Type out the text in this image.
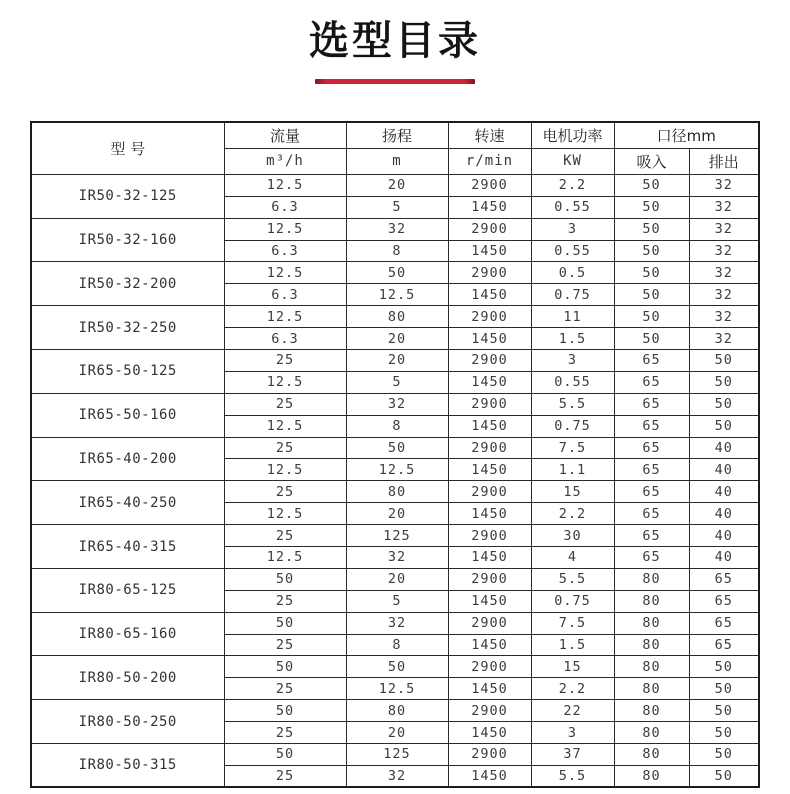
选型目录
型 号	流量	扬程	转速	电机功率	口径mm	
	m³/h	m	r/min	KW	吸入	排出
IR50-32-125	12.5	20	2900	2.2	50	32
	6.3	5	1450	0.55	50	32
IR50-32-160	12.5	32	2900	3	50	32
	6.3	8	1450	0.55	50	32
IR50-32-200	12.5	50	2900	0.5	50	32
	6.3	12.5	1450	0.75	50	32
IR50-32-250	12.5	80	2900	11	50	32
	6.3	20	1450	1.5	50	32
IR65-50-125	25	20	2900	3	65	50
	12.5	5	1450	0.55	65	50
IR65-50-160	25	32	2900	5.5	65	50
	12.5	8	1450	0.75	65	50
IR65-40-200	25	50	2900	7.5	65	40
	12.5	12.5	1450	1.1	65	40
IR65-40-250	25	80	2900	15	65	40
	12.5	20	1450	2.2	65	40
IR65-40-315	25	125	2900	30	65	40
	12.5	32	1450	4	65	40
IR80-65-125	50	20	2900	5.5	80	65
	25	5	1450	0.75	80	65
IR80-65-160	50	32	2900	7.5	80	65
	25	8	1450	1.5	80	65
IR80-50-200	50	50	2900	15	80	50
	25	12.5	1450	2.2	80	50
IR80-50-250	50	80	2900	22	80	50
	25	20	1450	3	80	50
IR80-50-315	50	125	2900	37	80	50
	25	32	1450	5.5	80	50
